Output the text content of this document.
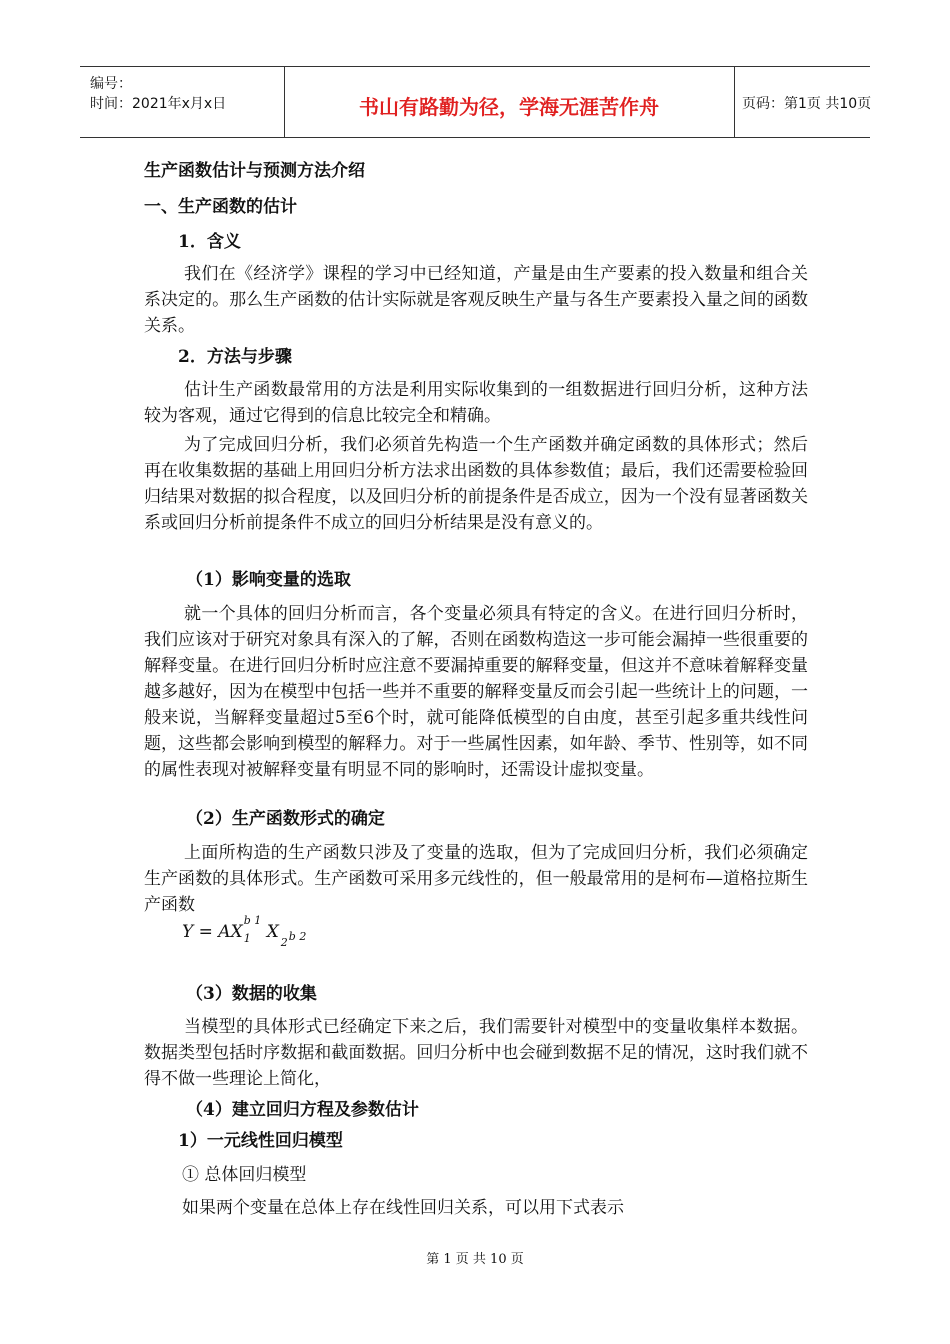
编号：
时间：2021年x月x日	书山有路勤为径，学海无涯苦作舟	页码：第1页 共10页
生产函数估计与预测方法介绍
一、生产函数的估计
1．含义
我们在《经济学》课程的学习中已经知道，产量是由生产要素的投入数量和组合关系决定的。那么生产函数的估计实际就是客观反映生产量与各生产要素投入量之间的函数关系。
2．方法与步骤
估计生产函数最常用的方法是利用实际收集到的一组数据进行回归分析，这种方法较为客观，通过它得到的信息比较完全和精确。
为了完成回归分析，我们必须首先构造一个生产函数并确定函数的具体形式；然后再在收集数据的基础上用回归分析方法求出函数的具体参数值；最后，我们还需要检验回归结果对数据的拟合程度，以及回归分析的前提条件是否成立，因为一个没有显著函数关系或回归分析前提条件不成立的回归分析结果是没有意义的。
（1）影响变量的选取
就一个具体的回归分析而言，各个变量必须具有特定的含义。在进行回归分析时，我们应该对于研究对象具有深入的了解，否则在函数构造这一步可能会漏掉一些很重要的解释变量。在进行回归分析时应注意不要漏掉重要的解释变量，但这并不意味着解释变量越多越好，因为在模型中包括一些并不重要的解释变量反而会引起一些统计上的问题，一般来说，当解释变量超过5至6个时，就可能降低模型的自由度，甚至引起多重共线性问题，这些都会影响到模型的解释力。对于一些属性因素，如年龄、季节、性别等，如不同的属性表现对被解释变量有明显不同的影响时，还需设计虚拟变量。
（2）生产函数形式的确定
上面所构造的生产函数只涉及了变量的选取，但为了完成回归分析，我们必须确定生产函数的具体形式。生产函数可采用多元线性的，但一般最常用的是柯布—道格拉斯生产函数
Y = AX
b 1
1 X
2 b 2
（3）数据的收集
当模型的具体形式已经确定下来之后，我们需要针对模型中的变量收集样本数据。数据类型包括时序数据和截面数据。回归分析中也会碰到数据不足的情况，这时我们就不得不做一些理论上简化，
（4）建立回归方程及参数估计
1）一元线性回归模型
① 总体回归模型
如果两个变量在总体上存在线性回归关系，可以用下式表示
第 1 页 共 10 页
